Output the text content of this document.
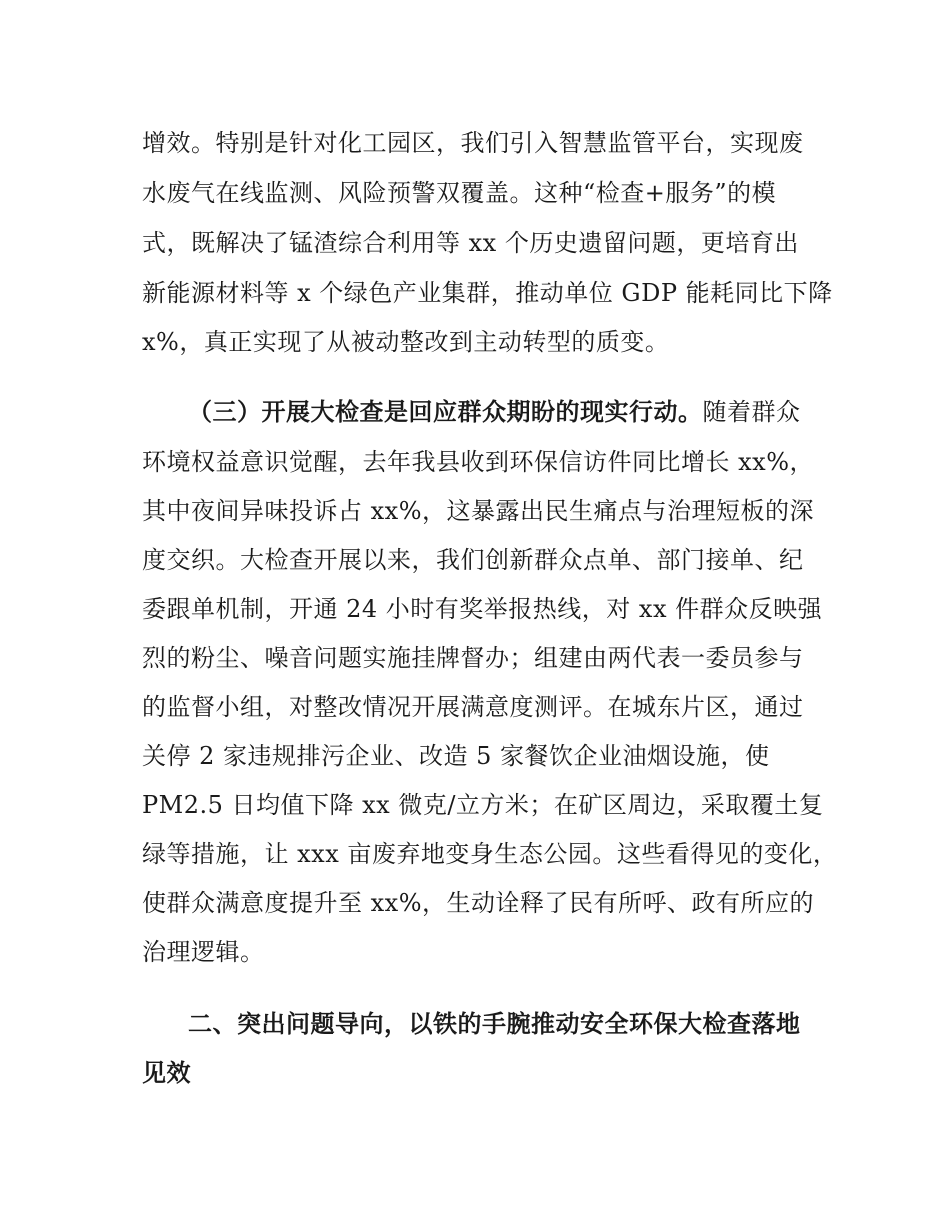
增效。特别是针对化工园区，我们引入智慧监管平台，实现废

水废气在线监测、风险预警双覆盖。这种“检查+服务”的模

式，既解决了锰渣综合利用等 xx 个历史遗留问题，更培育出

新能源材料等 x 个绿色产业集群，推动单位 GDP 能耗同比下降

x%，真正实现了从被动整改到主动转型的质变。

（三）开展大检查是回应群众期盼的现实行动。随着群众

环境权益意识觉醒，去年我县收到环保信访件同比增长 xx%，

其中夜间异味投诉占 xx%，这暴露出民生痛点与治理短板的深

度交织。大检查开展以来，我们创新群众点单、部门接单、纪

委跟单机制，开通 24 小时有奖举报热线，对 xx 件群众反映强

烈的粉尘、噪音问题实施挂牌督办；组建由两代表一委员参与

的监督小组，对整改情况开展满意度测评。在城东片区，通过

关停 2 家违规排污企业、改造 5 家餐饮企业油烟设施，使

PM2.5 日均值下降 xx 微克/立方米；在矿区周边，采取覆土复

绿等措施，让 xxx 亩废弃地变身生态公园。这些看得见的变化，

使群众满意度提升至 xx%，生动诠释了民有所呼、政有所应的

治理逻辑。

二、突出问题导向，以铁的手腕推动安全环保大检查落地

见效
